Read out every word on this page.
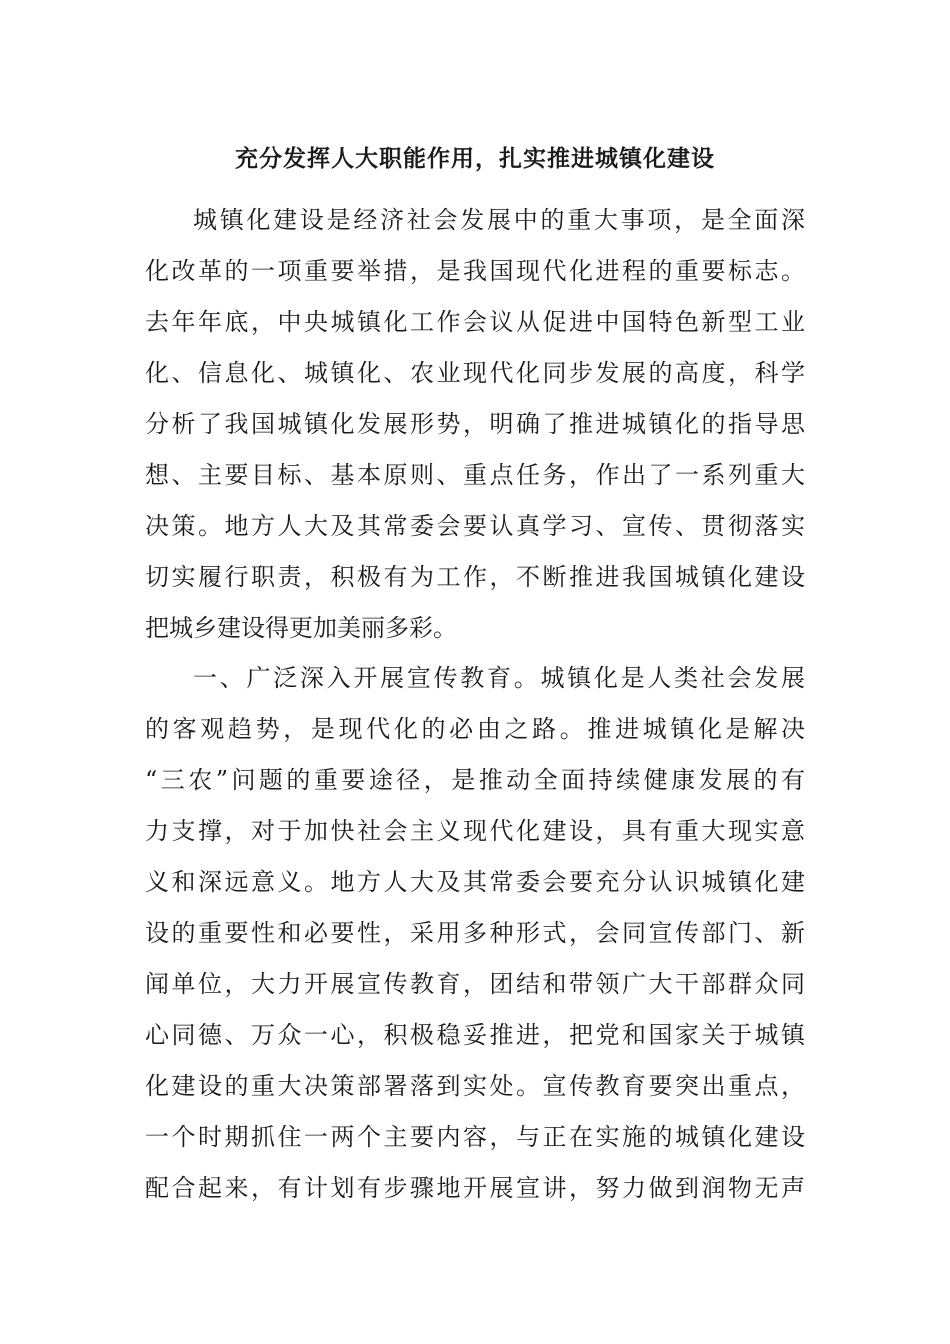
充分发挥人大职能作用，扎实推进城镇化建设
城镇化建设是经济社会发展中的重大事项，是全面深
化改革的一项重要举措，是我国现代化进程的重要标志。
去年年底，中央城镇化工作会议从促进中国特色新型工业
化、信息化、城镇化、农业现代化同步发展的高度，科学
分析了我国城镇化发展形势，明确了推进城镇化的指导思
想、主要目标、基本原则、重点任务，作出了一系列重大
决策。地方人大及其常委会要认真学习、宣传、贯彻落实
切实履行职责，积极有为工作，不断推进我国城镇化建设
把城乡建设得更加美丽多彩。
一、广泛深入开展宣传教育。城镇化是人类社会发展
的客观趋势，是现代化的必由之路。推进城镇化是解决
“三农”问题的重要途径，是推动全面持续健康发展的有
力支撑，对于加快社会主义现代化建设，具有重大现实意
义和深远意义。地方人大及其常委会要充分认识城镇化建
设的重要性和必要性，采用多种形式，会同宣传部门、新
闻单位，大力开展宣传教育，团结和带领广大干部群众同
心同德、万众一心，积极稳妥推进，把党和国家关于城镇
化建设的重大决策部署落到实处。宣传教育要突出重点，
一个时期抓住一两个主要内容，与正在实施的城镇化建设
配合起来，有计划有步骤地开展宣讲，努力做到润物无声
